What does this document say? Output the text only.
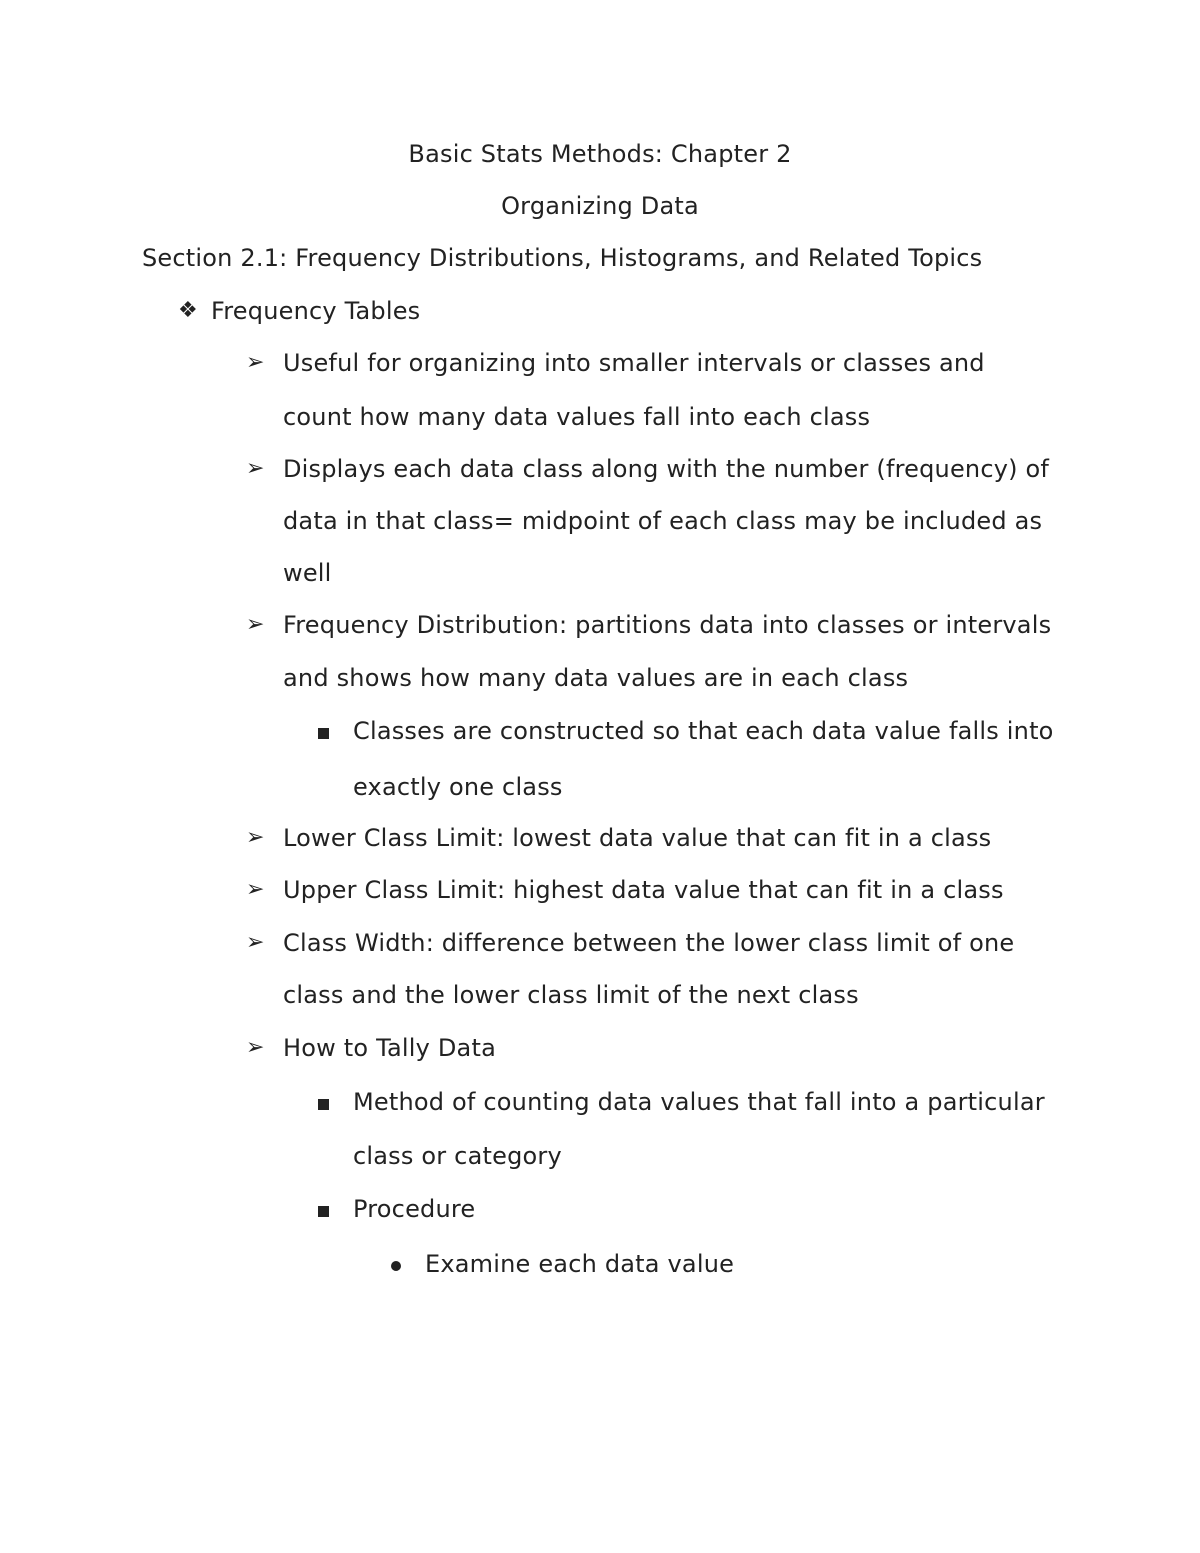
Basic Stats Methods: Chapter 2
Organizing Data
Section 2.1: Frequency Distributions, Histograms, and Related Topics
❖ Frequency Tables
➢ Useful for organizing into smaller intervals or classes and
count how many data values fall into each class
➢ Displays each data class along with the number (frequency) of
data in that class= midpoint of each class may be included as
well
➢ Frequency Distribution: partitions data into classes or intervals
and shows how many data values are in each class
Classes are constructed so that each data value falls into
exactly one class
➢ Lower Class Limit: lowest data value that can fit in a class
➢ Upper Class Limit: highest data value that can fit in a class
➢ Class Width: difference between the lower class limit of one
class and the lower class limit of the next class
➢ How to Tally Data
Method of counting data values that fall into a particular
class or category
Procedure
Examine each data value
